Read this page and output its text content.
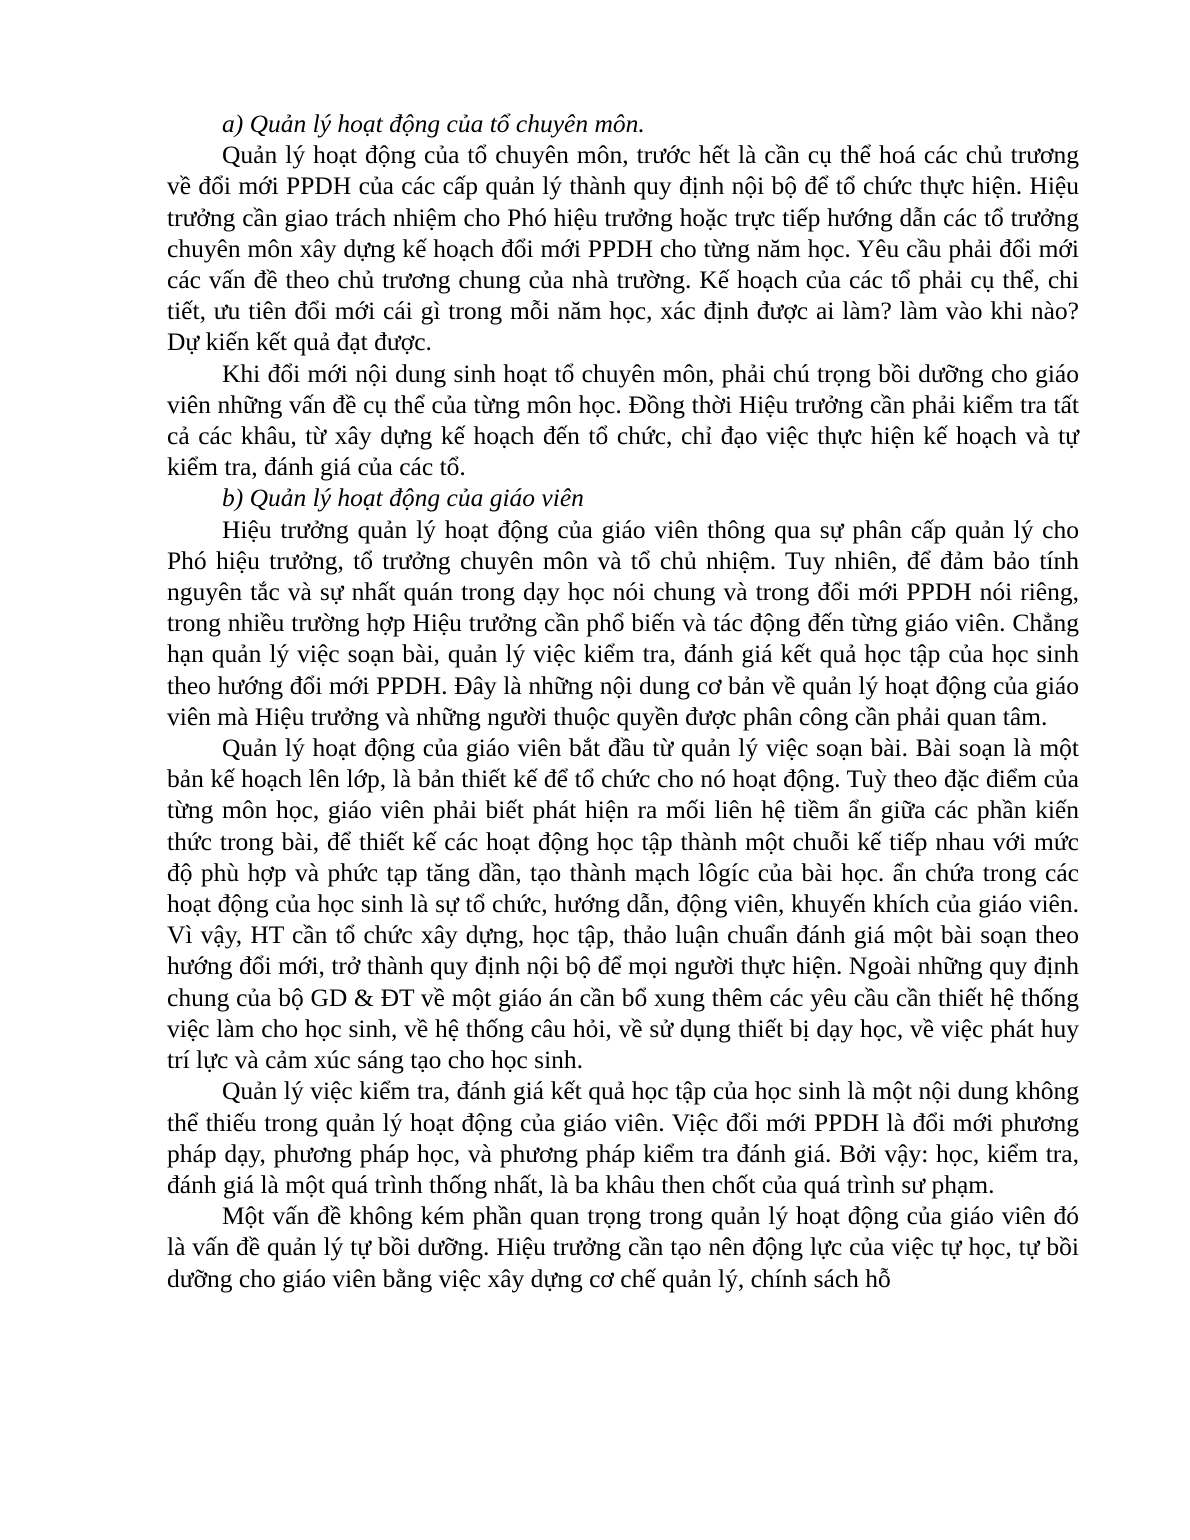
a) Quản lý hoạt động của tổ chuyên môn.

Quản lý hoạt động của tổ chuyên môn, trước hết là cần cụ thể hoá các chủ trương về đổi mới PPDH của các cấp quản lý thành quy định nội bộ để tổ chức thực hiện. Hiệu trưởng cần giao trách nhiệm cho Phó hiệu trưởng hoặc trực tiếp hướng dẫn các tổ trưởng chuyên môn xây dựng kế hoạch đổi mới PPDH cho từng năm học. Yêu cầu phải đổi mới các vấn đề theo chủ trương chung của nhà trường. Kế hoạch của các tổ phải cụ thể, chi tiết, ưu tiên đổi mới cái gì trong mỗi năm học, xác định được ai làm? làm vào khi nào? Dự kiến kết quả đạt được.

Khi đổi mới nội dung sinh hoạt tổ chuyên môn, phải chú trọng bồi dưỡng cho giáo viên những vấn đề cụ thể của từng môn học. Đồng thời Hiệu trưởng cần phải kiểm tra tất cả các khâu, từ xây dựng kế hoạch đến tổ chức, chỉ đạo việc thực hiện kế hoạch và tự kiểm tra, đánh giá của các tổ.

b) Quản lý hoạt động của giáo viên

Hiệu trưởng quản lý hoạt động của giáo viên thông qua sự phân cấp quản lý cho Phó hiệu trưởng, tổ trưởng chuyên môn và tổ chủ nhiệm. Tuy nhiên, để đảm bảo tính nguyên tắc và sự nhất quán trong dạy học nói chung và trong đổi mới PPDH nói riêng, trong nhiều trường hợp Hiệu trưởng cần phổ biến và tác động đến từng giáo viên. Chẳng hạn quản lý việc soạn bài, quản lý việc kiểm tra, đánh giá kết quả học tập của học sinh theo hướng đổi mới PPDH. Đây là những nội dung cơ bản về quản lý hoạt động của giáo viên mà Hiệu trưởng và những người thuộc quyền được phân công cần phải quan tâm.

Quản lý hoạt động của giáo viên bắt đầu từ quản lý việc soạn bài. Bài soạn là một bản kế hoạch lên lớp, là bản thiết kế để tổ chức cho nó hoạt động. Tuỳ theo đặc điểm của từng môn học, giáo viên phải biết phát hiện ra mối liên hệ tiềm ẩn giữa các phần kiến thức trong bài, để thiết kế các hoạt động học tập thành một chuỗi kế tiếp nhau với mức độ phù hợp và phức tạp tăng dần, tạo thành mạch lôgíc của bài học. ẩn chứa trong các hoạt động của học sinh là sự tổ chức, hướng dẫn, động viên, khuyến khích của giáo viên. Vì vậy, HT cần tổ chức xây dựng, học tập, thảo luận chuẩn đánh giá một bài soạn theo hướng đổi mới, trở thành quy định nội bộ để mọi người thực hiện. Ngoài những quy định chung của bộ GD & ĐT về một giáo án cần bổ xung thêm các yêu cầu cần thiết hệ thống việc làm cho học sinh, về hệ thống câu hỏi, về sử dụng thiết bị dạy học, về việc phát huy trí lực và cảm xúc sáng tạo cho học sinh.

Quản lý việc kiểm tra, đánh giá kết quả học tập của học sinh là một nội dung không thể thiếu trong quản lý hoạt động của giáo viên. Việc đổi mới PPDH là đổi mới phương pháp dạy, phương pháp học, và phương pháp kiểm tra đánh giá. Bởi vậy: học, kiểm tra, đánh giá là một quá trình thống nhất, là ba khâu then chốt của quá trình sư phạm.

Một vấn đề không kém phần quan trọng trong quản lý hoạt động của giáo viên đó là vấn đề quản lý tự bồi dưỡng. Hiệu trưởng cần tạo nên động lực của việc tự học, tự bồi dưỡng cho giáo viên bằng việc xây dựng cơ chế quản lý, chính sách hỗ
